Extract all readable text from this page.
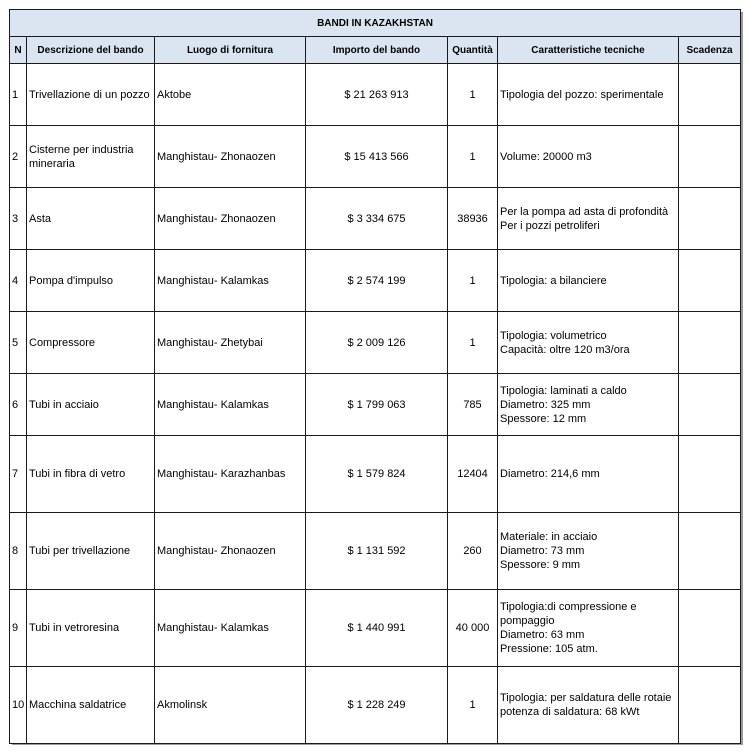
BANDI IN KAZAKHSTAN						
N	Descrizione del bando	Luogo di fornitura	Importo del bando	Quantità	Caratteristiche tecniche	Scadenza
1	Trivellazione di un pozzo	Aktobe	$ 21 263 913	1	Tipologia del pozzo: sperimentale	

2	Cisterne per industria mineraria	Manghistau- Zhonaozen	$ 15 413 566	1	Volume: 20000 m3	

3	Asta	Manghistau- Zhonaozen	$ 3 334 675	38936	Per la pompa ad asta di profondità
Per i pozzi petroliferi	

4	Pompa d'impulso	Manghistau- Kalamkas	$ 2 574 199	1	Tipologia: a bilanciere	

5	Compressore	Manghistau- Zhetybai	$ 2 009 126	1	Tipologia: volumetrico
Capacità: oltre 120 m3/ora	

6	Tubi in acciaio	Manghistau- Kalamkas	$ 1 799 063	785	Tipologia: laminati a caldo
Diametro: 325 mm
Spessore: 12 mm	

7	Tubi in fibra di vetro	Manghistau- Karazhanbas	$ 1 579 824	12404	Diametro: 214,6 mm	

8	Tubi per trivellazione	Manghistau- Zhonaozen	$ 1 131 592	260	Materiale: in acciaio
Diametro: 73 mm
Spessore: 9 mm	

9	Tubi in vetroresina	Manghistau- Kalamkas	$ 1 440 991	40 000	Tipologia:di compressione e pompaggio
Diametro: 63 mm
Pressione: 105 atm.	

10	Macchina saldatrice	Akmolinsk	$ 1 228 249	1	Tipologia: per saldatura delle rotaie
potenza di saldatura: 68 kWt	
